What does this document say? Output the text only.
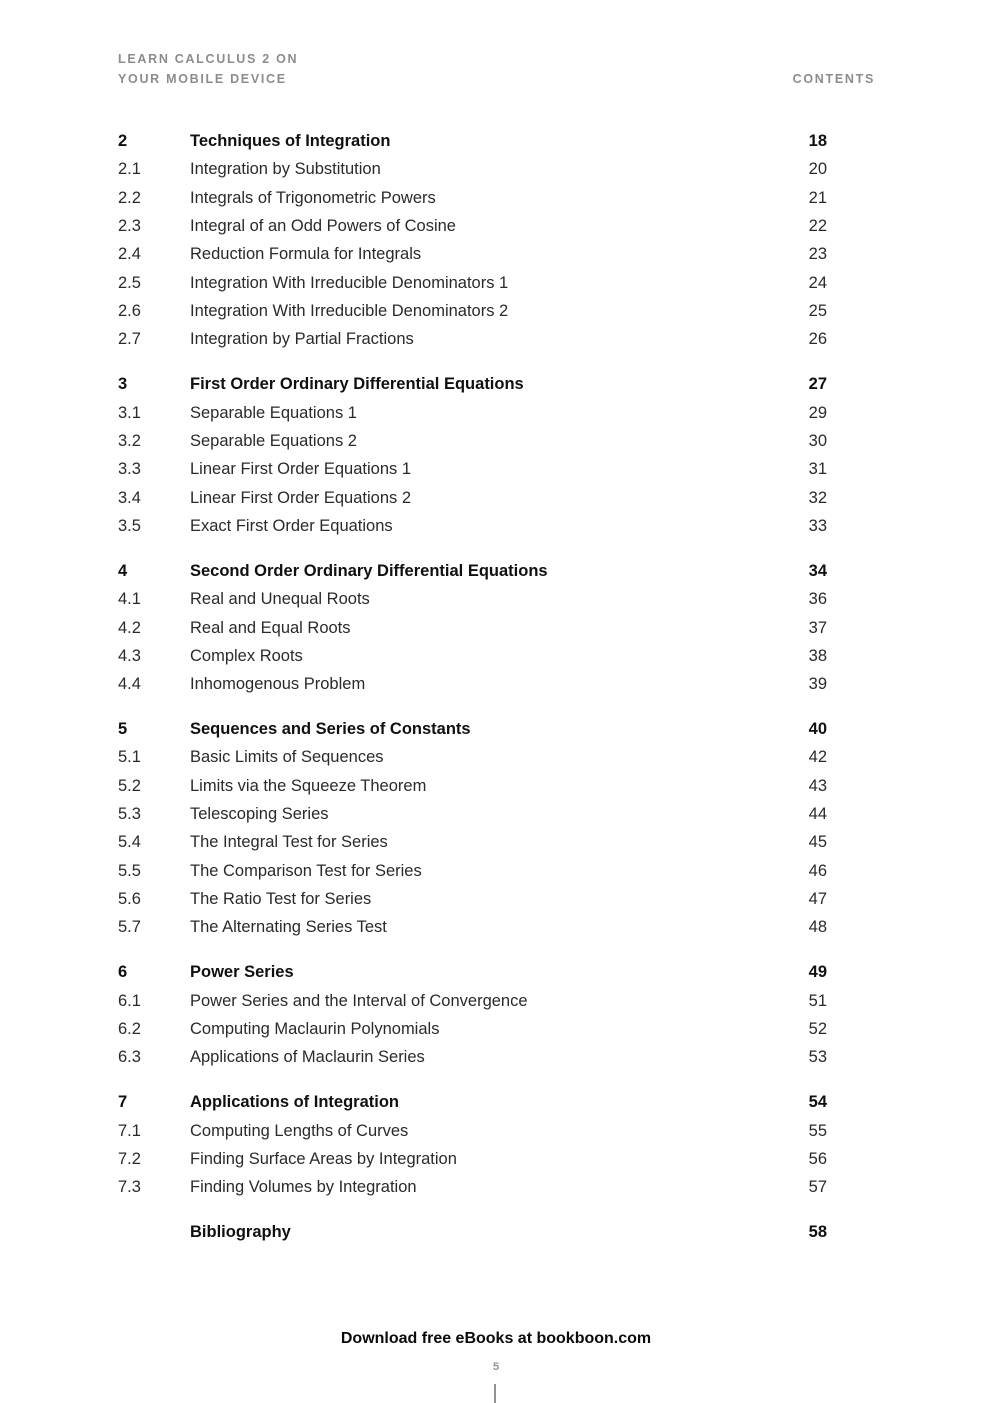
LEARN CALCULUS 2 ON
YOUR MOBILE DEVICE	CONTENTS
2	Techniques of Integration	18
2.1	Integration by Substitution	20
2.2	Integrals of Trigonometric Powers	21
2.3	Integral of an Odd Powers of Cosine	22
2.4	Reduction Formula for Integrals	23
2.5	Integration With Irreducible Denominators 1	24
2.6	Integration With Irreducible Denominators 2	25
2.7	Integration by Partial Fractions	26
3	First Order Ordinary Differential Equations	27
3.1	Separable Equations 1	29
3.2	Separable Equations 2	30
3.3	Linear First Order Equations 1	31
3.4	Linear First Order Equations 2	32
3.5	Exact First Order Equations	33
4	Second Order Ordinary Differential Equations	34
4.1	Real and Unequal Roots	36
4.2	Real and Equal Roots	37
4.3	Complex Roots	38
4.4	Inhomogenous Problem	39
5	Sequences and Series of Constants	40
5.1	Basic Limits of Sequences	42
5.2	Limits via the Squeeze Theorem	43
5.3	Telescoping Series	44
5.4	The Integral Test for Series	45
5.5	The Comparison Test for Series	46
5.6	The Ratio Test for Series	47
5.7	The Alternating Series Test	48
6	Power Series	49
6.1	Power Series and the Interval of Convergence	51
6.2	Computing Maclaurin Polynomials	52
6.3	Applications of Maclaurin Series	53
7	Applications of Integration	54
7.1	Computing Lengths of Curves	55
7.2	Finding Surface Areas by Integration	56
7.3	Finding Volumes by Integration	57
Bibliography	58
Download free eBooks at bookboon.com
5
